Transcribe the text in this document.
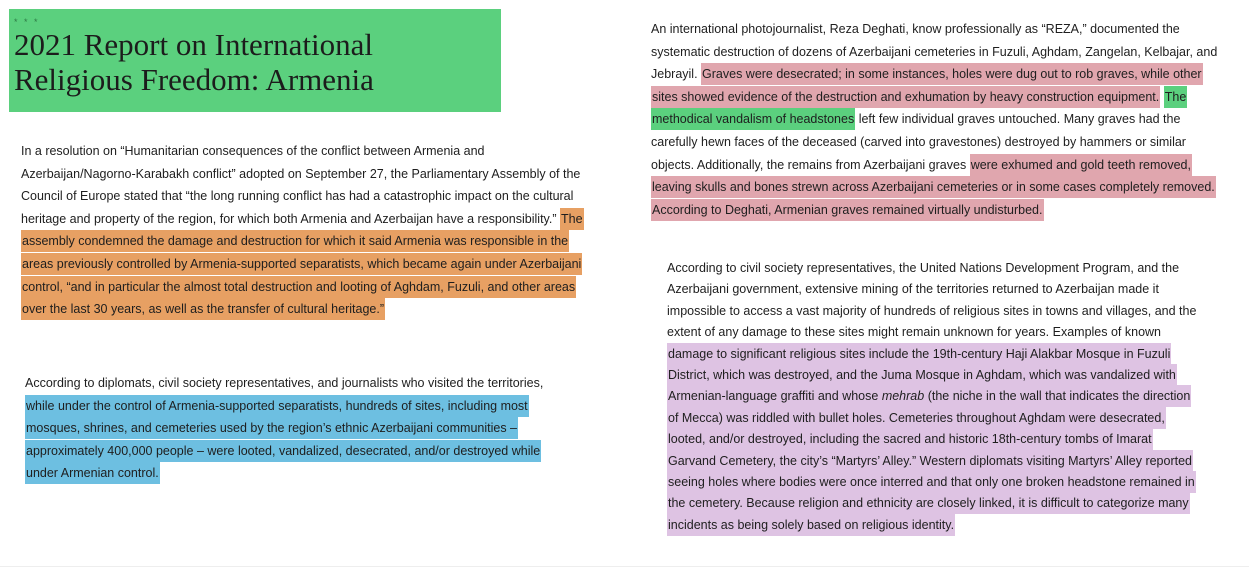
* * *
2021 Report on International Religious Freedom: Armenia

In a resolution on “Humanitarian consequences of the conflict between Armenia and Azerbaijan/Nagorno-Karabakh conflict” adopted on September 27, the Parliamentary Assembly of the Council of Europe stated that “the long running conflict has had a catastrophic impact on the cultural heritage and property of the region, for which both Armenia and Azerbaijan have a responsibility.” The assembly condemned the damage and destruction for which it said Armenia was responsible in the areas previously controlled by Armenia-supported separatists, which became again under Azerbaijani control, “and in particular the almost total destruction and looting of Aghdam, Fuzuli, and other areas over the last 30 years, as well as the transfer of cultural heritage.”

According to diplomats, civil society representatives, and journalists who visited the territories, while under the control of Armenia-supported separatists, hundreds of sites, including most mosques, shrines, and cemeteries used by the region’s ethnic Azerbaijani communities – approximately 400,000 people – were looted, vandalized, desecrated, and/or destroyed while under Armenian control.

An international photojournalist, Reza Deghati, know professionally as “REZA,” documented the systematic destruction of dozens of Azerbaijani cemeteries in Fuzuli, Aghdam, Zangelan, Kelbajar, and Jebrayil. Graves were desecrated; in some instances, holes were dug out to rob graves, while other sites showed evidence of the destruction and exhumation by heavy construction equipment. The methodical vandalism of headstones left few individual graves untouched. Many graves had the carefully hewn faces of the deceased (carved into gravestones) destroyed by hammers or similar objects. Additionally, the remains from Azerbaijani graves were exhumed and gold teeth removed, leaving skulls and bones strewn across Azerbaijani cemeteries or in some cases completely removed. According to Deghati, Armenian graves remained virtually undisturbed.

According to civil society representatives, the United Nations Development Program, and the Azerbaijani government, extensive mining of the territories returned to Azerbaijan made it impossible to access a vast majority of hundreds of religious sites in towns and villages, and the extent of any damage to these sites might remain unknown for years. Examples of known damage to significant religious sites include the 19th-century Haji Alakbar Mosque in Fuzuli District, which was destroyed, and the Juma Mosque in Aghdam, which was vandalized with Armenian-language graffiti and whose mehrab (the niche in the wall that indicates the direction of Mecca) was riddled with bullet holes. Cemeteries throughout Aghdam were desecrated, looted, and/or destroyed, including the sacred and historic 18th-century tombs of Imarat Garvand Cemetery, the city’s “Martyrs’ Alley.” Western diplomats visiting Martyrs’ Alley reported seeing holes where bodies were once interred and that only one broken headstone remained in the cemetery. Because religion and ethnicity are closely linked, it is difficult to categorize many incidents as being solely based on religious identity.
